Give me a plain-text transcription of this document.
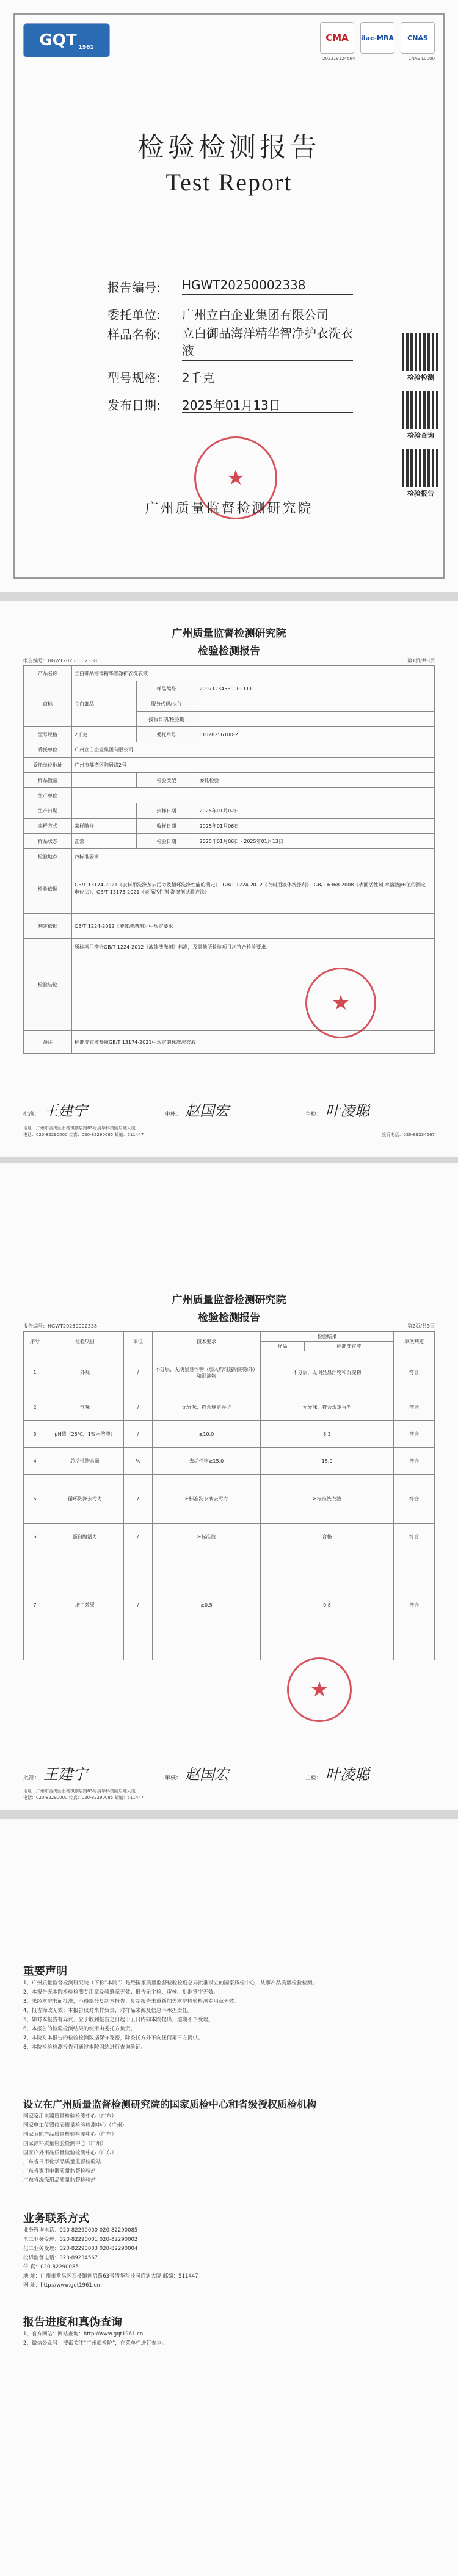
GQT 1961
CMA	ilac-MRA	CNAS
202319124564	CNAS L0000
检验检测报告
Test Report
报告编号: HGWT20250002338
委托单位: 广州立白企业集团有限公司
样品名称: 立白御品海洋精华智净护衣洗衣液
型号规格: 2千克
发布日期: 2025年01月13日
检验检测
检验查询
检验报告
★
广州质量监督检测研究院
广州质量监督检测研究院
检验检测报告
报告编号：HGWT20250002338	第1页/共3页
产品名称	立白御品海洋精华智净护衣洗衣液		
商标	立白御品	样品编号	20971234580002111
		服务代码/执行	
		接收日期/检验期	
型号规格	2千克	委托单号	L1028256100-2
委托单位	广州立白企业集团有限公司		
委托单位地址	广州市荔湾区陆居路2号		
样品数量		检验类型	委托检验
生产单位			
生产日期		到样日期	2025年01月02日
来样方式	来样随样	收样日期	2025年01月06日
样品状态	正常	检验日期	2025年01月06日 - 2025年01月13日
检验地点	四标准要求		
检验依据	GB/T 13174-2021《衣料用洗涤剂去污力及循环洗涤性能的测定》、GB/T 1224-2012《衣料用液体洗涤剂》、GB/T 6368-2008《表面活性剂 水溶液pH值的测定 电位法》、GB/T 13173-2021《表面活性剂 洗涤剂试验方法》		
判定依据	QB/T 1224-2012《液体洗涤剂》中规定要求		
检验结论	所检项目符合QB/T 1224-2012《液体洗涤剂》标准，及其他所检验项目均符合检验要求。		
备注	标准洗衣液参照GB/T 13174-2021中规定的标准洗衣液		
★
批准： 王建宁	审核： 赵国宏	主检： 叶凌聪
地址：广州市番禺区石楼镇创启路63号清华科技园启迪大厦
电话：020-82290000 传真：020-82290085 邮编：511447	投诉电话：020-89234567
广州质量监督检测研究院
检验检测报告
报告编号：HGWT20250002338	第2页/共3页
序号	检验项目	单位	技术要求	检验结果		单项判定
				样品	标准洗衣液	
1	外观	/	不分层，无明显悬浮物（加入均匀透明的除外）和沉淀物	不分层，无明显悬浮物和沉淀物		符合
2	气味	/	无异味，符合规定香型	无异味，符合规定香型		符合
3	pH值（25℃，1%水溶液）	/	≤10.0	8.3		符合
4	总活性物含量	%	去活性物≥15.0	18.0		符合
5	循环洗涤去污力	/	≥标准洗衣液去污力	≥标准洗衣液		符合
6	蛋白酶活力	/	≥标准值	合格		符合
7	增白效果	/	≥0.5	0.8		符合
★
批准： 王建宁	审核： 赵国宏	主检： 叶凌聪
地址：广州市番禺区石楼镇创启路63号清华科技园启迪大厦
电话：020-82290000 传真：020-82290085 邮编：511447
重要声明
1、广州质量监督检测研究院（下称“本院”）是经国家质量监督检验检疫总局批准设立的国家质检中心，从事产品质量检验检测。
2、本报告无本院检验检测专用章及骑缝章无效；报告无主检、审核、批准签字无效。
3、未经本院书面批准，不得部分复制本报告；复制报告未重新加盖本院检验检测专用章无效。
4、报告涂改无效；本报告仅对来样负责，对样品来源及信息不承担责任。
5、如对本报告有异议，应于收到报告之日起十五日内向本院提出，逾期不予受理。
6、本报告的检验检测结果的使用由委托方负责。
7、本院对本报告的检验检测数据保守秘密，除委托方外不向任何第三方提供。
8、本院检验检测报告可通过本院网站进行查询验证。
设立在广州质量监督检测研究院的国家质检中心和省级授权质检机构
国家家用电器质量检验检测中心（广东）
国家电工仪器仪表质量检验检测中心（广州）
国家节能产品质量检验检测中心（广东）
国家涂料质量检验检测中心（广州）
国家户外用品质量检验检测中心（广东）
广东省日用化学品质量监督检验站
广东省家用电器质量监督检验站
广东省洗涤用品质量监督检验站
业务联系方式
业务咨询电话：020-82290000 020-82290085
电工业务受理：020-82290001 020-82290002
化工业务受理：020-82290003 020-82290004
投诉监督电话：020-89234567
传 真：020-82290085
地 址：广州市番禺区石楼镇创启路63号清华科技园启迪大厦 邮编：511447
网 址：http://www.gqt1961.cn
报告进度和真伪查询
1、官方网站：网站查询：http://www.gqt1961.cn
2、微信公众号：搜索关注“广州质检院”，在菜单栏进行查询。
